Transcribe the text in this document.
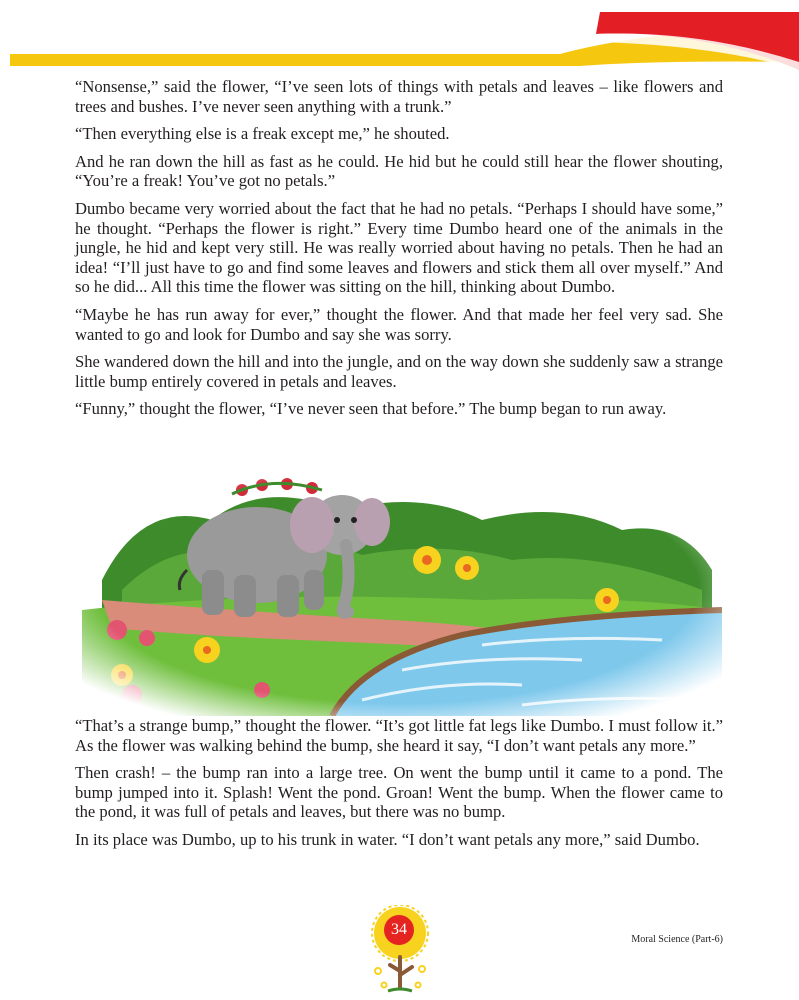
“Nonsense,” said the flower, “I’ve seen lots of things with petals and leaves – like flowers and trees and bushes. I’ve never seen anything with a trunk.”

“Then everything else is a freak except me,” he shouted.

And he ran down the hill as fast as he could. He hid but he could still hear the flower shouting, “You’re a freak! You’ve got no petals.”

Dumbo became very worried about the fact that he had no petals. “Perhaps I should have some,” he thought. “Perhaps the flower is right.” Every time Dumbo heard one of the animals in the jungle, he hid and kept very still. He was really worried about having no petals. Then he had an idea! “I’ll just have to go and find some leaves and flowers and stick them all over myself.” And so he did... All this time the flower was sitting on the hill, thinking about Dumbo.

“Maybe he has run away for ever,” thought the flower. And that made her feel very sad. She wanted to go and look for Dumbo and say she was sorry.

She wandered down the hill and into the jungle, and on the way down she suddenly saw a strange little bump entirely covered in petals and leaves.

“Funny,” thought the flower, “I’ve never seen that before.” The bump began to run away.

“That’s a strange bump,” thought the flower. “It’s got little fat legs like Dumbo. I must follow it.” As the flower was walking behind the bump, she heard it say, “I don’t want petals any more.”

Then crash! – the bump ran into a large tree. On went the bump until it came to a pond. The bump jumped into it. Splash! Went the pond. Groan! Went the bump. When the flower came to the pond, it was full of petals and leaves, but there was no bump.

In its place was Dumbo, up to his trunk in water. “I don’t want petals any more,” said Dumbo.

34
Moral Science (Part-6)
